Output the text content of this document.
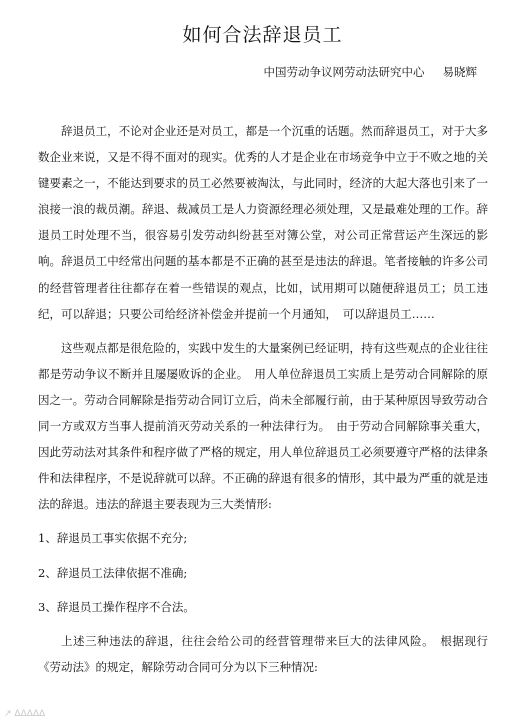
如何合法辞退员工
中国劳动争议网劳动法研究中心 易晓辉

辞退员工，不论对企业还是对员工，都是一个沉重的话题。然而辞退员工，对于大多数企业来说，又是不得不面对的现实。优秀的人才是企业在市场竞争中立于不败之地的关键要素之一，不能达到要求的员工必然要被淘汰，与此同时，经济的大起大落也引来了一浪接一浪的裁员潮。辞退、裁减员工是人力资源经理必须处理，又是最难处理的工作。辞退员工时处理不当，很容易引发劳动纠纷甚至对簿公堂，对公司正常营运产生深远的影响。辞退员工中经常出问题的基本都是不正确的甚至是违法的辞退。笔者接触的许多公司的经营管理者往往都存在着一些错误的观点，比如，试用期可以随便辞退员工；员工违纪，可以辞退；只要公司给经济补偿金并提前一个月通知，　可以辞退员工……

这些观点都是很危险的，实践中发生的大量案例已经证明，持有这些观点的企业往往都是劳动争议不断并且屡屡败诉的企业。　用人单位辞退员工实质上是劳动合同解除的原因之一。劳动合同解除是指劳动合同订立后，尚未全部履行前，由于某种原因导致劳动合同一方或双方当事人提前消灭劳动关系的一种法律行为。　由于劳动合同解除事关重大，因此劳动法对其条件和程序做了严格的规定，用人单位辞退员工必须要遵守严格的法律条件和法律程序，不是说辞就可以辞。不正确的辞退有很多的情形，其中最为严重的就是违法的辞退。违法的辞退主要表现为三大类情形:

1、辞退员工事实依据不充分;

2、辞退员工法律依据不准确;

3、辞退员工操作程序不合法。

上述三种违法的辞退，往往会给公司的经营管理带来巨大的法律风险。　根据现行《劳动法》的规定，解除劳动合同可分为以下三种情况:

↗ ΔΔΔΔΔ
